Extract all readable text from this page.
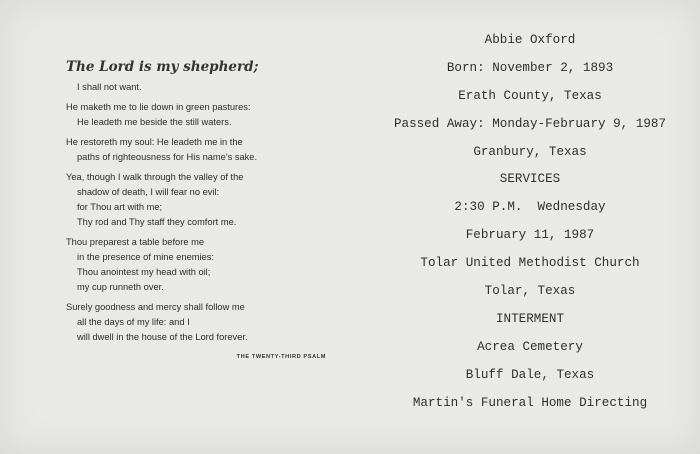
The Lord is my shepherd;
I shall not want.
He maketh me to lie down in green pastures:
He leadeth me beside the still waters.
He restoreth my soul: He leadeth me in the
paths of righteousness for His name's sake.
Yea, though I walk through the valley of the
shadow of death, I will fear no evil:
for Thou art with me;
Thy rod and Thy staff they comfort me.
Thou preparest a table before me
in the presence of mine enemies:
Thou anointest my head with oil;
my cup runneth over.
Surely goodness and mercy shall follow me
all the days of my life: and I
will dwell in the house of the Lord forever.
THE TWENTY-THIRD PSALM
Abbie Oxford
Born: November 2, 1893
Erath County, Texas
Passed Away: Monday-February 9, 1987
Granbury, Texas
SERVICES
2:30 P.M.  Wednesday
February 11, 1987
Tolar United Methodist Church
Tolar, Texas
INTERMENT
Acrea Cemetery
Bluff Dale, Texas
Martin's Funeral Home Directing
